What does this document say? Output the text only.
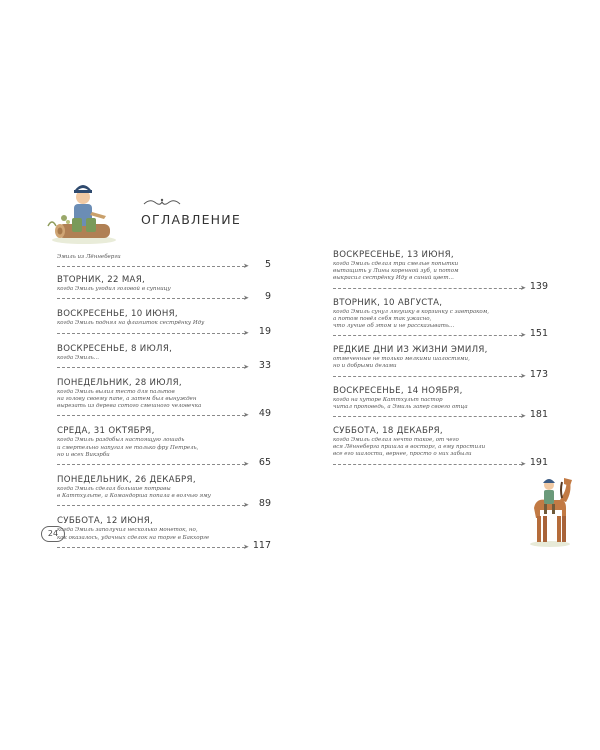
ОГЛАВЛЕНИЕ
Эмиль из Лённеберги
➤ 5
ВТОРНИК, 22 МАЯ,
когда Эмиль угодил головой в супницу
➤ 9
ВОСКРЕСЕНЬЕ, 10 ИЮНЯ,
когда Эмиль поднял на флагшток сестрёнку Иду
➤ 19
ВОСКРЕСЕНЬЕ, 8 ИЮЛЯ,
когда Эмиль...
➤ 33
ПОНЕДЕЛЬНИК, 28 ИЮЛЯ,
когда Эмиль вылил тесто для пальтов
на голову своему папе, а затем был вынужден
вырезать из дерева сотого смешного человечка
➤ 49
СРЕДА, 31 ОКТЯБРЯ,
когда Эмиль раздобыл настоящую лошадь
и смертельно напугал не только фру Петрель,
но и всех Викэрби
➤ 65
ПОНЕДЕЛЬНИК, 26 ДЕКАБРЯ,
когда Эмиль сделал большие потравы
в Каттхульте, а Командорша попала в волчью яму
➤ 89
СУББОТА, 12 ИЮНЯ,
когда Эмиль заполучил несколько монеток, но,
как оказалось, удачных сделок на торге в Бакхорге
➤ 117
ВОСКРЕСЕНЬЕ, 13 ИЮНЯ,
когда Эмиль сделал три смелые попытки
вытащить у Лины коренной зуб, и потом
выкрасил сестрёнку Иду в синий цвет...
➤ 139
ВТОРНИК, 10 АВГУСТА,
когда Эмиль сунул лягушку в корзинку с завтраком,
а потом повёл себя так ужасно,
что лучше об этом и не рассказывать...
➤ 151
РЕДКИЕ ДНИ ИЗ ЖИЗНИ ЭМИЛЯ,
отмеченные не только мелкими шалостями,
но и добрыми делами
➤ 173
ВОСКРЕСЕНЬЕ, 14 НОЯБРЯ,
когда на хуторе Каттхульт пастор
читал проповедь, а Эмиль запер своего отца
➤ 181
СУББОТА, 18 ДЕКАБРЯ,
когда Эмиль сделал нечто такое, от чего
вся Лённеберга пришла в восторг, а ему простили
все его шалости, вернее, просто о них забыли
➤ 191
24
